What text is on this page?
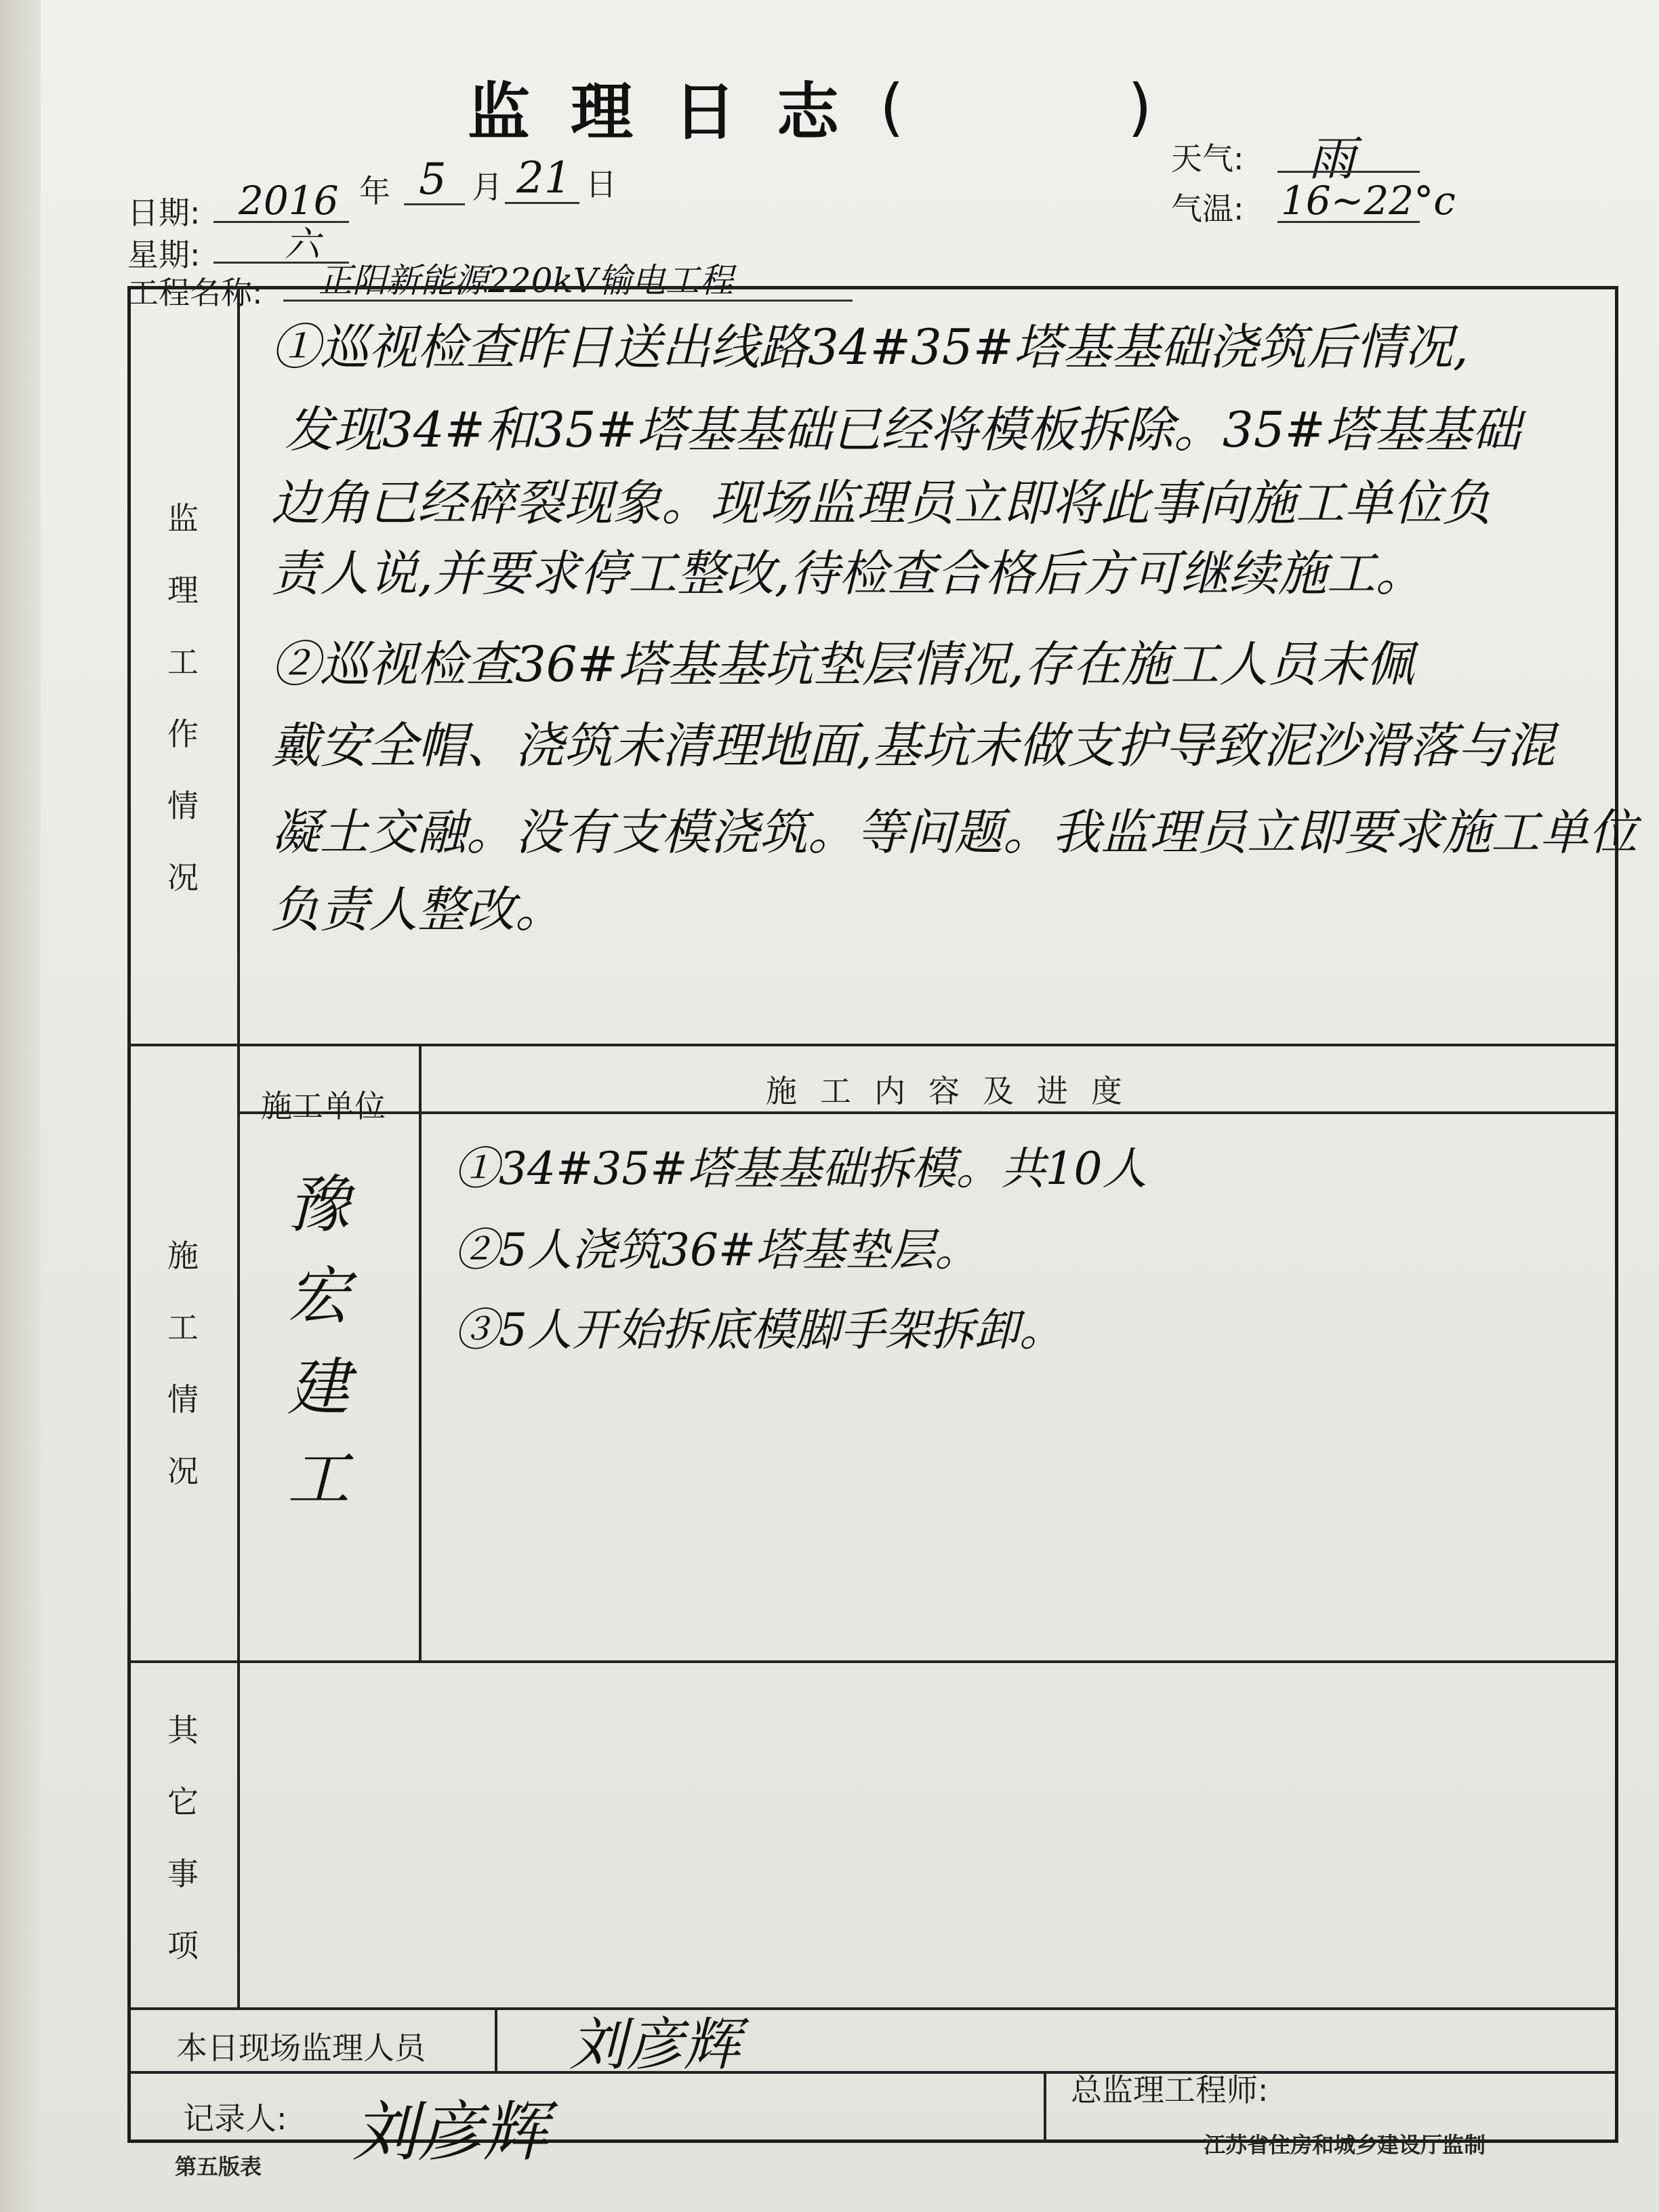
监理日志 (	)
天气: 雨
气温: 16~22°c
日期: 2016 年 5 月 21 日
星期: 六
工程名称: 正阳新能源220kV输电工程
监
理
工
作
情
况
①巡视检查昨日送出线路34#35#塔基基础浇筑后情况,
发现34#和35#塔基基础已经将模板拆除。35#塔基基础
边角已经碎裂现象。现场监理员立即将此事向施工单位负
责人说,并要求停工整改,待检查合格后方可继续施工。
②巡视检查36#塔基基坑垫层情况,存在施工人员未佩
戴安全帽、浇筑未清理地面,基坑未做支护导致泥沙滑落与混
凝土交融。没有支模浇筑。等问题。我监理员立即要求施工单位
负责人整改。
施
工
情
况
施工单位	施工内容及进度
豫
宏
建
工
①34#35#塔基基础拆模。共10人
②5人浇筑36#塔基垫层。
③5人开始拆底模脚手架拆卸。
其
它
事
项
本日现场监理人员	刘彦辉
记录人: 刘彦辉
总监理工程师:
第五版表
江苏省住房和城乡建设厅监制
